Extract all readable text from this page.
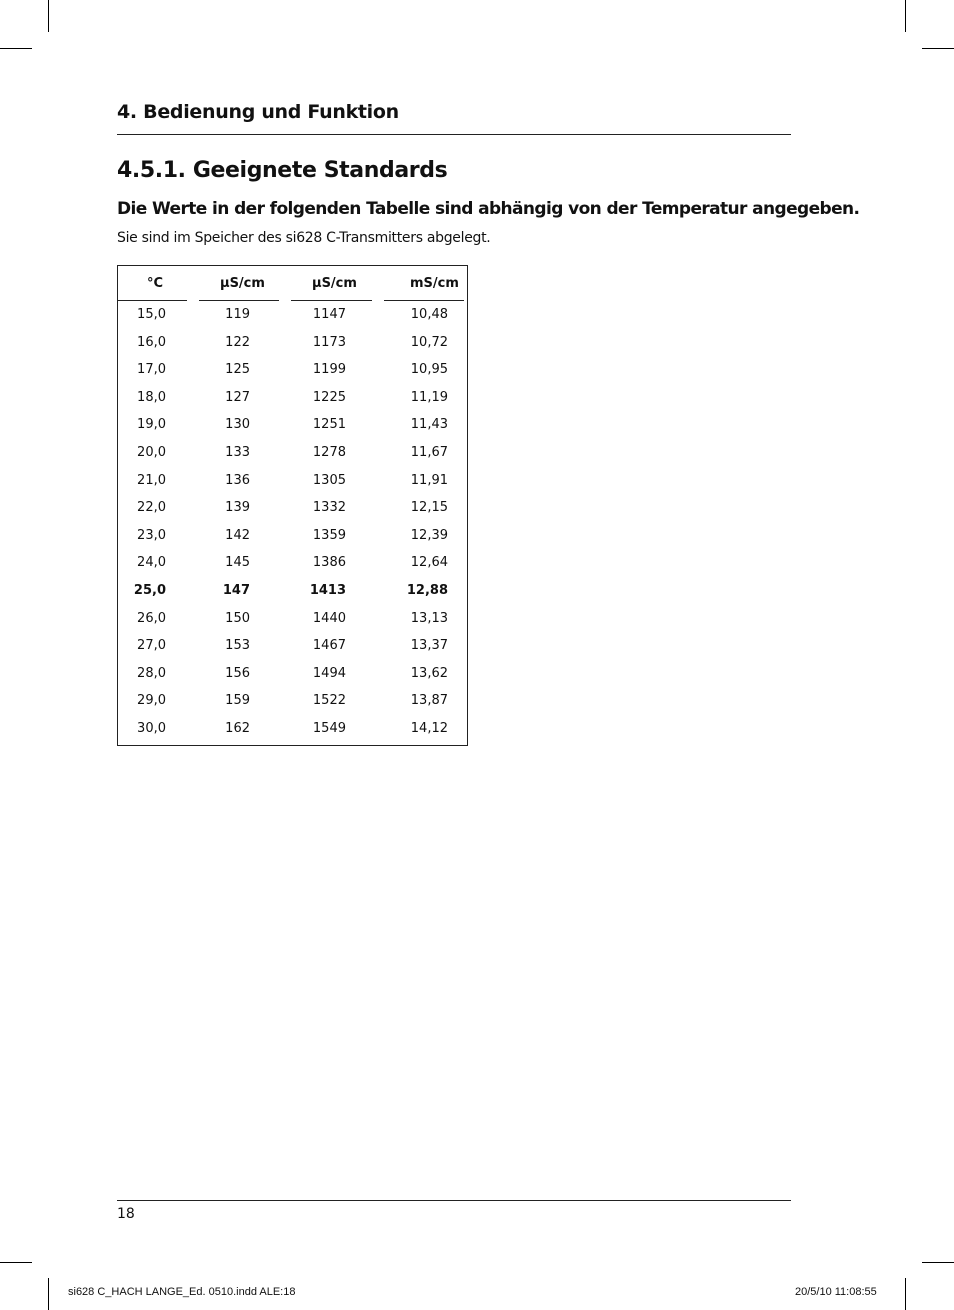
4. Bedienung und Funktion
4.5.1. Geeignete Standards
Die Werte in der folgenden Tabelle sind abhängig von der Temperatur angegeben.
Sie sind im Speicher des si628 C-Transmitters abgelegt.
°C	µS/cm	µS/cm	mS/cm
15,0	119	1147	10,48
16,0	122	1173	10,72
17,0	125	1199	10,95
18,0	127	1225	11,19
19,0	130	1251	11,43
20,0	133	1278	11,67
21,0	136	1305	11,91
22,0	139	1332	12,15
23,0	142	1359	12,39
24,0	145	1386	12,64
25,0	147	1413	12,88
26,0	150	1440	13,13
27,0	153	1467	13,37
28,0	156	1494	13,62
29,0	159	1522	13,87
30,0	162	1549	14,12
18
si628 C_HACH LANGE_Ed. 0510.indd ALE:18	20/5/10 11:08:55
